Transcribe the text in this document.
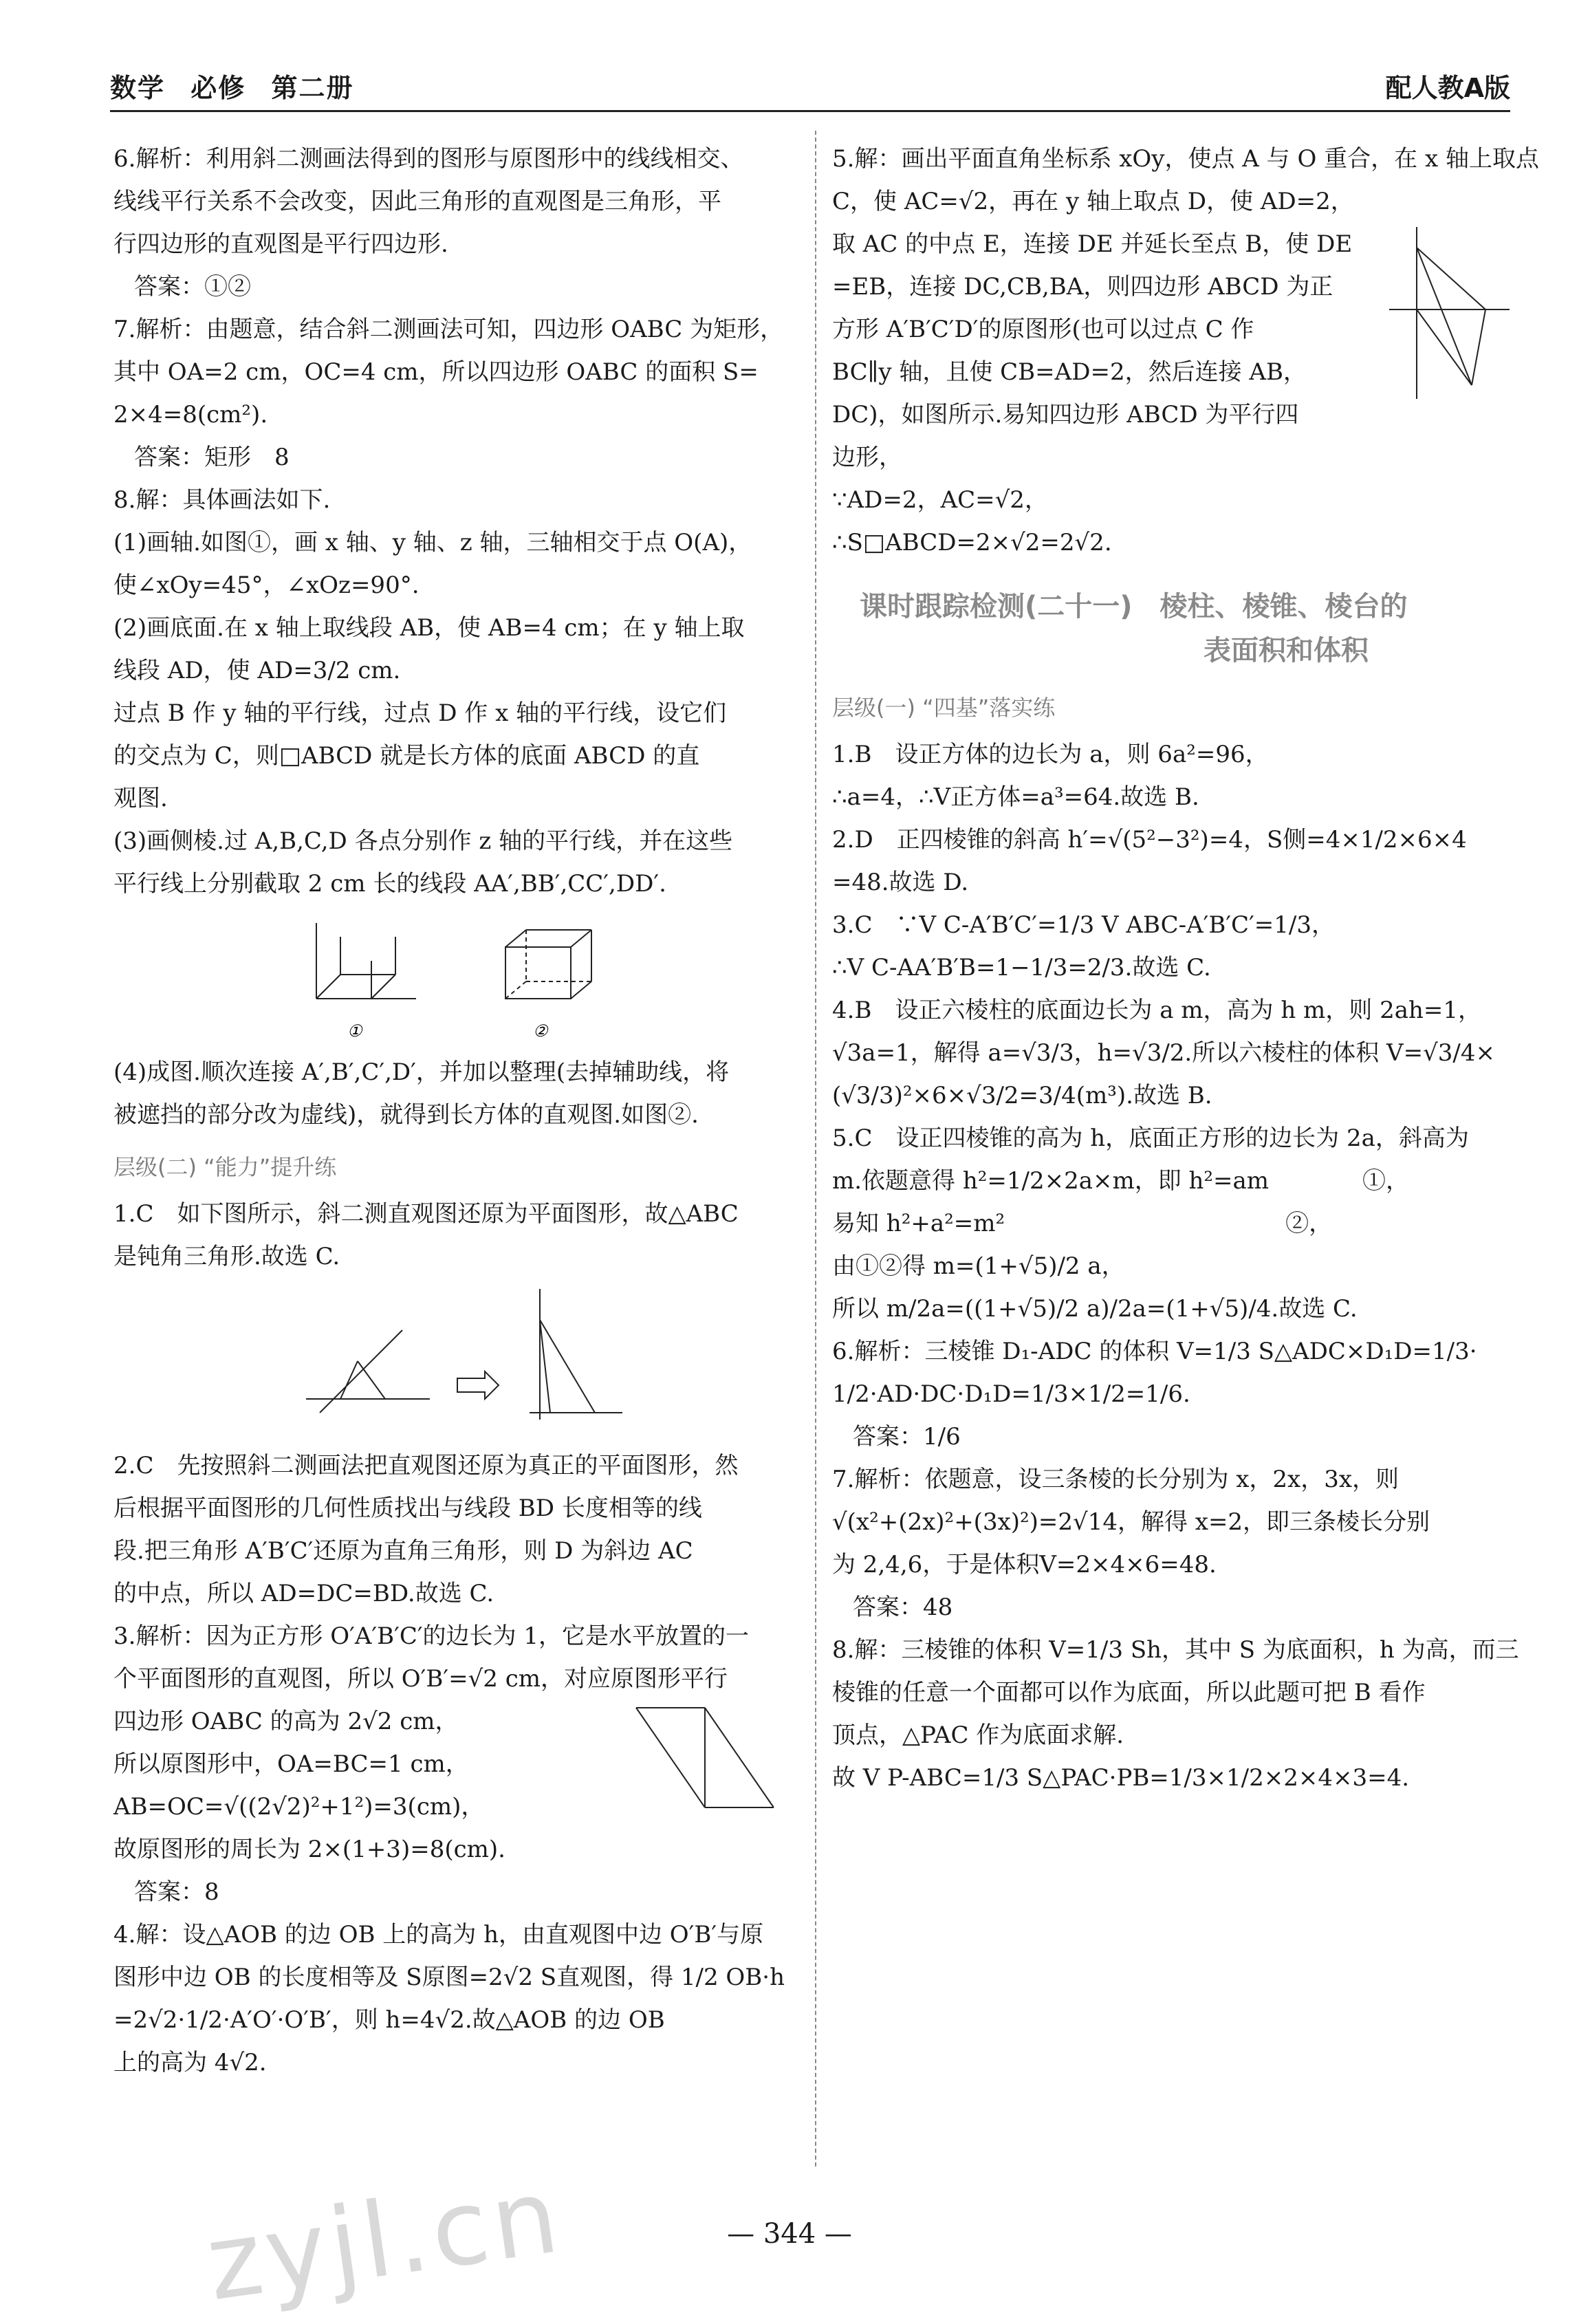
数学 必修 第二册	配人教A版

6.解析：利用斜二测画法得到的图形与原图形中的线线相交、

线线平行关系不会改变，因此三角形的直观图是三角形，平

行四边形的直观图是平行四边形.

答案：①②

7.解析：由题意，结合斜二测画法可知，四边形 OABC 为矩形，

其中 OA=2 cm，OC=4 cm，所以四边形 OABC 的面积 S=

2×4=8(cm²).

答案：矩形　8

8.解：具体画法如下.

(1)画轴.如图①，画 x 轴、y 轴、z 轴，三轴相交于点 O(A)，

使∠xOy=45°，∠xOz=90°.

(2)画底面.在 x 轴上取线段 AB，使 AB=4 cm；在 y 轴上取

线段 AD，使 AD=3/2 cm.

过点 B 作 y 轴的平行线，过点 D 作 x 轴的平行线，设它们

的交点为 C，则□ABCD 就是长方体的底面 ABCD 的直

观图.

(3)画侧棱.过 A,B,C,D 各点分别作 z 轴的平行线，并在这些

平行线上分别截取 2 cm 长的线段 AA′,BB′,CC′,DD′.

①	②

(4)成图.顺次连接 A′,B′,C′,D′，并加以整理(去掉辅助线，将

被遮挡的部分改为虚线)，就得到长方体的直观图.如图②.

层级(二) “能力”提升练

1.C　如下图所示，斜二测直观图还原为平面图形，故△ABC

是钝角三角形.故选 C.

2.C　先按照斜二测画法把直观图还原为真正的平面图形，然

后根据平面图形的几何性质找出与线段 BD 长度相等的线

段.把三角形 A′B′C′还原为直角三角形，则 D 为斜边 AC

的中点，所以 AD=DC=BD.故选 C.

3.解析：因为正方形 O′A′B′C′的边长为 1，它是水平放置的一

个平面图形的直观图，所以 O′B′=√2 cm，对应原图形平行

四边形 OABC 的高为 2√2 cm，

所以原图形中，OA=BC=1 cm，

AB=OC=√((2√2)²+1²)=3(cm)，

故原图形的周长为 2×(1+3)=8(cm).

答案：8

4.解：设△AOB 的边 OB 上的高为 h，由直观图中边 O′B′与原

图形中边 OB 的长度相等及 S原图=2√2 S直观图，得 1/2 OB·h

=2√2·1/2·A′O′·O′B′，则 h=4√2.故△AOB 的边 OB

上的高为 4√2.

5.解：画出平面直角坐标系 xOy，使点 A 与 O 重合，在 x 轴上取点

C，使 AC=√2，再在 y 轴上取点 D，使 AD=2，

取 AC 的中点 E，连接 DE 并延长至点 B，使 DE

=EB，连接 DC,CB,BA，则四边形 ABCD 为正

方形 A′B′C′D′的原图形(也可以过点 C 作

BC∥y 轴，且使 CB=AD=2，然后连接 AB，

DC)，如图所示.易知四边形 ABCD 为平行四

边形，

∵AD=2，AC=√2，

∴S□ABCD=2×√2=2√2.

课时跟踪检测(二十一)　棱柱、棱锥、棱台的
表面积和体积
层级(一) “四基”落实练

1.B　设正方体的边长为 a，则 6a²=96，

∴a=4，∴V正方体=a³=64.故选 B.

2.D　正四棱锥的斜高 h′=√(5²−3²)=4，S侧=4×1/2×6×4

=48.故选 D.

3.C　∵V C-A′B′C′=1/3 V ABC-A′B′C′=1/3，

∴V C-AA′B′B=1−1/3=2/3.故选 C.

4.B　设正六棱柱的底面边长为 a m，高为 h m，则 2ah=1，

√3a=1，解得 a=√3/3，h=√3/2.所以六棱柱的体积 V=√3/4×

(√3/3)²×6×√3/2=3/4(m³).故选 B.

5.C　设正四棱锥的高为 h，底面正方形的边长为 2a，斜高为

m.依题意得 h²=1/2×2a×m，即 h²=am　　　　①，

易知 h²+a²=m²　　　　　　　　　　　　②，

由①②得 m=(1+√5)/2 a，

所以 m/2a=((1+√5)/2 a)/2a=(1+√5)/4.故选 C.

6.解析：三棱锥 D₁-ADC 的体积 V=1/3 S△ADC×D₁D=1/3·

1/2·AD·DC·D₁D=1/3×1/2=1/6.

答案：1/6

7.解析：依题意，设三条棱的长分别为 x，2x，3x，则

√(x²+(2x)²+(3x)²)=2√14，解得 x=2，即三条棱长分别

为 2,4,6，于是体积V=2×4×6=48.

答案：48

8.解：三棱锥的体积 V=1/3 Sh，其中 S 为底面积，h 为高，而三

棱锥的任意一个面都可以作为底面，所以此题可把 B 看作

顶点，△PAC 作为底面求解.

故 V P-ABC=1/3 S△PAC·PB=1/3×1/2×2×4×3=4.

zyjl.cn	— 344 —
